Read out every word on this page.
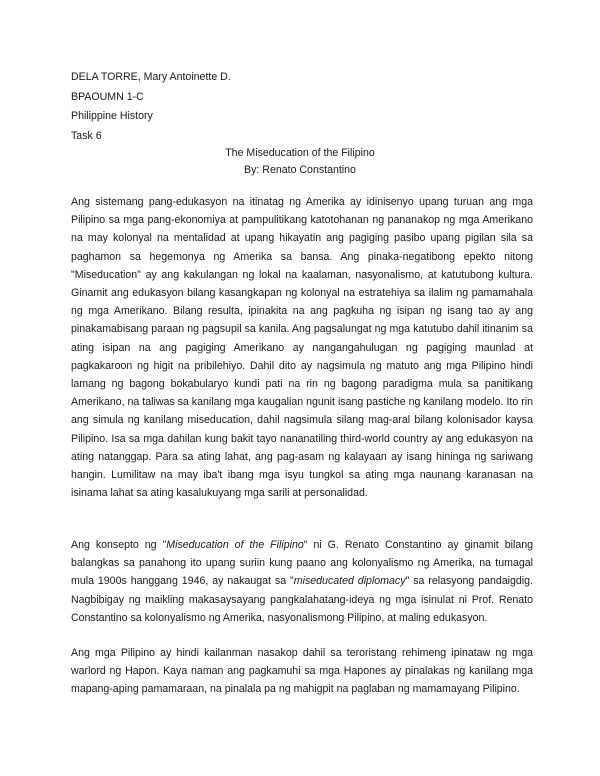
DELA TORRE, Mary Antoinette D.
BPAOUMN 1-C
Philippine History
Task 6
The Miseducation of the Filipino
By: Renato Constantino

Ang sistemang pang-edukasyon na itinatag ng Amerika ay idinisenyo upang turuan ang mga Pilipino sa mga pang-ekonomiya at pampulitikang katotohanan ng pananakop ng mga Amerikano na may kolonyal na mentalidad at upang hikayatin ang pagiging pasibo upang pigilan sila sa paghamon sa hegemonya ng Amerika sa bansa. Ang pinaka-negatibong epekto nitong "Miseducation" ay ang kakulangan ng lokal na kaalaman, nasyonalismo, at katutubong kultura. Ginamit ang edukasyon bilang kasangkapan ng kolonyal na estratehiya sa ilalim ng pamamahala ng mga Amerikano. Bilang resulta, ipinakita na ang pagkuha ng isipan ng isang tao ay ang pinakamabisang paraan ng pagsupil sa kanila. Ang pagsalungat ng mga katutubo dahil itinanim sa ating isipan na ang pagiging Amerikano ay nangangahulugan ng pagiging maunlad at pagkakaroon ng higit na pribilehiyo. Dahil dito ay nagsimula ng matuto ang mga Pilipino hindi lamang ng bagong bokabularyo kundi pati na rin ng bagong paradigma mula sa panitikang Amerikano, na taliwas sa kanilang mga kaugalian ngunit isang pastiche ng kanilang modelo. Ito rin ang simula ng kanilang miseducation, dahil nagsimula silang mag-aral bilang kolonisador kaysa Pilipino. Isa sa mga dahilan kung bakit tayo nananatiling third-world country ay ang edukasyon na ating natanggap. Para sa ating lahat, ang pag-asam ng kalayaan ay isang hininga ng sariwang hangin. Lumilitaw na may iba't ibang mga isyu tungkol sa ating mga naunang karanasan na isinama lahat sa ating kasalukuyang mga sarili at personalidad.

Ang konsepto ng "Miseducation of the Filipino" ni G. Renato Constantino ay ginamit bilang balangkas sa panahong ito upang suriin kung paano ang kolonyalismo ng Amerika, na tumagal mula 1900s hanggang 1946, ay nakaugat sa "miseducated diplomacy" sa relasyong pandaigdig. Nagbibigay ng maikling makasaysayang pangkalahatang-ideya ng mga isinulat ni Prof. Renato Constantino sa kolonyalismo ng Amerika, nasyonalismong Pilipino, at maling edukasyon.

Ang mga Pilipino ay hindi kailanman nasakop dahil sa teroristang rehimeng ipinataw ng mga warlord ng Hapon. Kaya naman ang pagkamuhi sa mga Hapones ay pinalakas ng kanilang mga mapang-aping pamamaraan, na pinalala pa ng mahigpit na paglaban ng mamamayang Pilipino.
